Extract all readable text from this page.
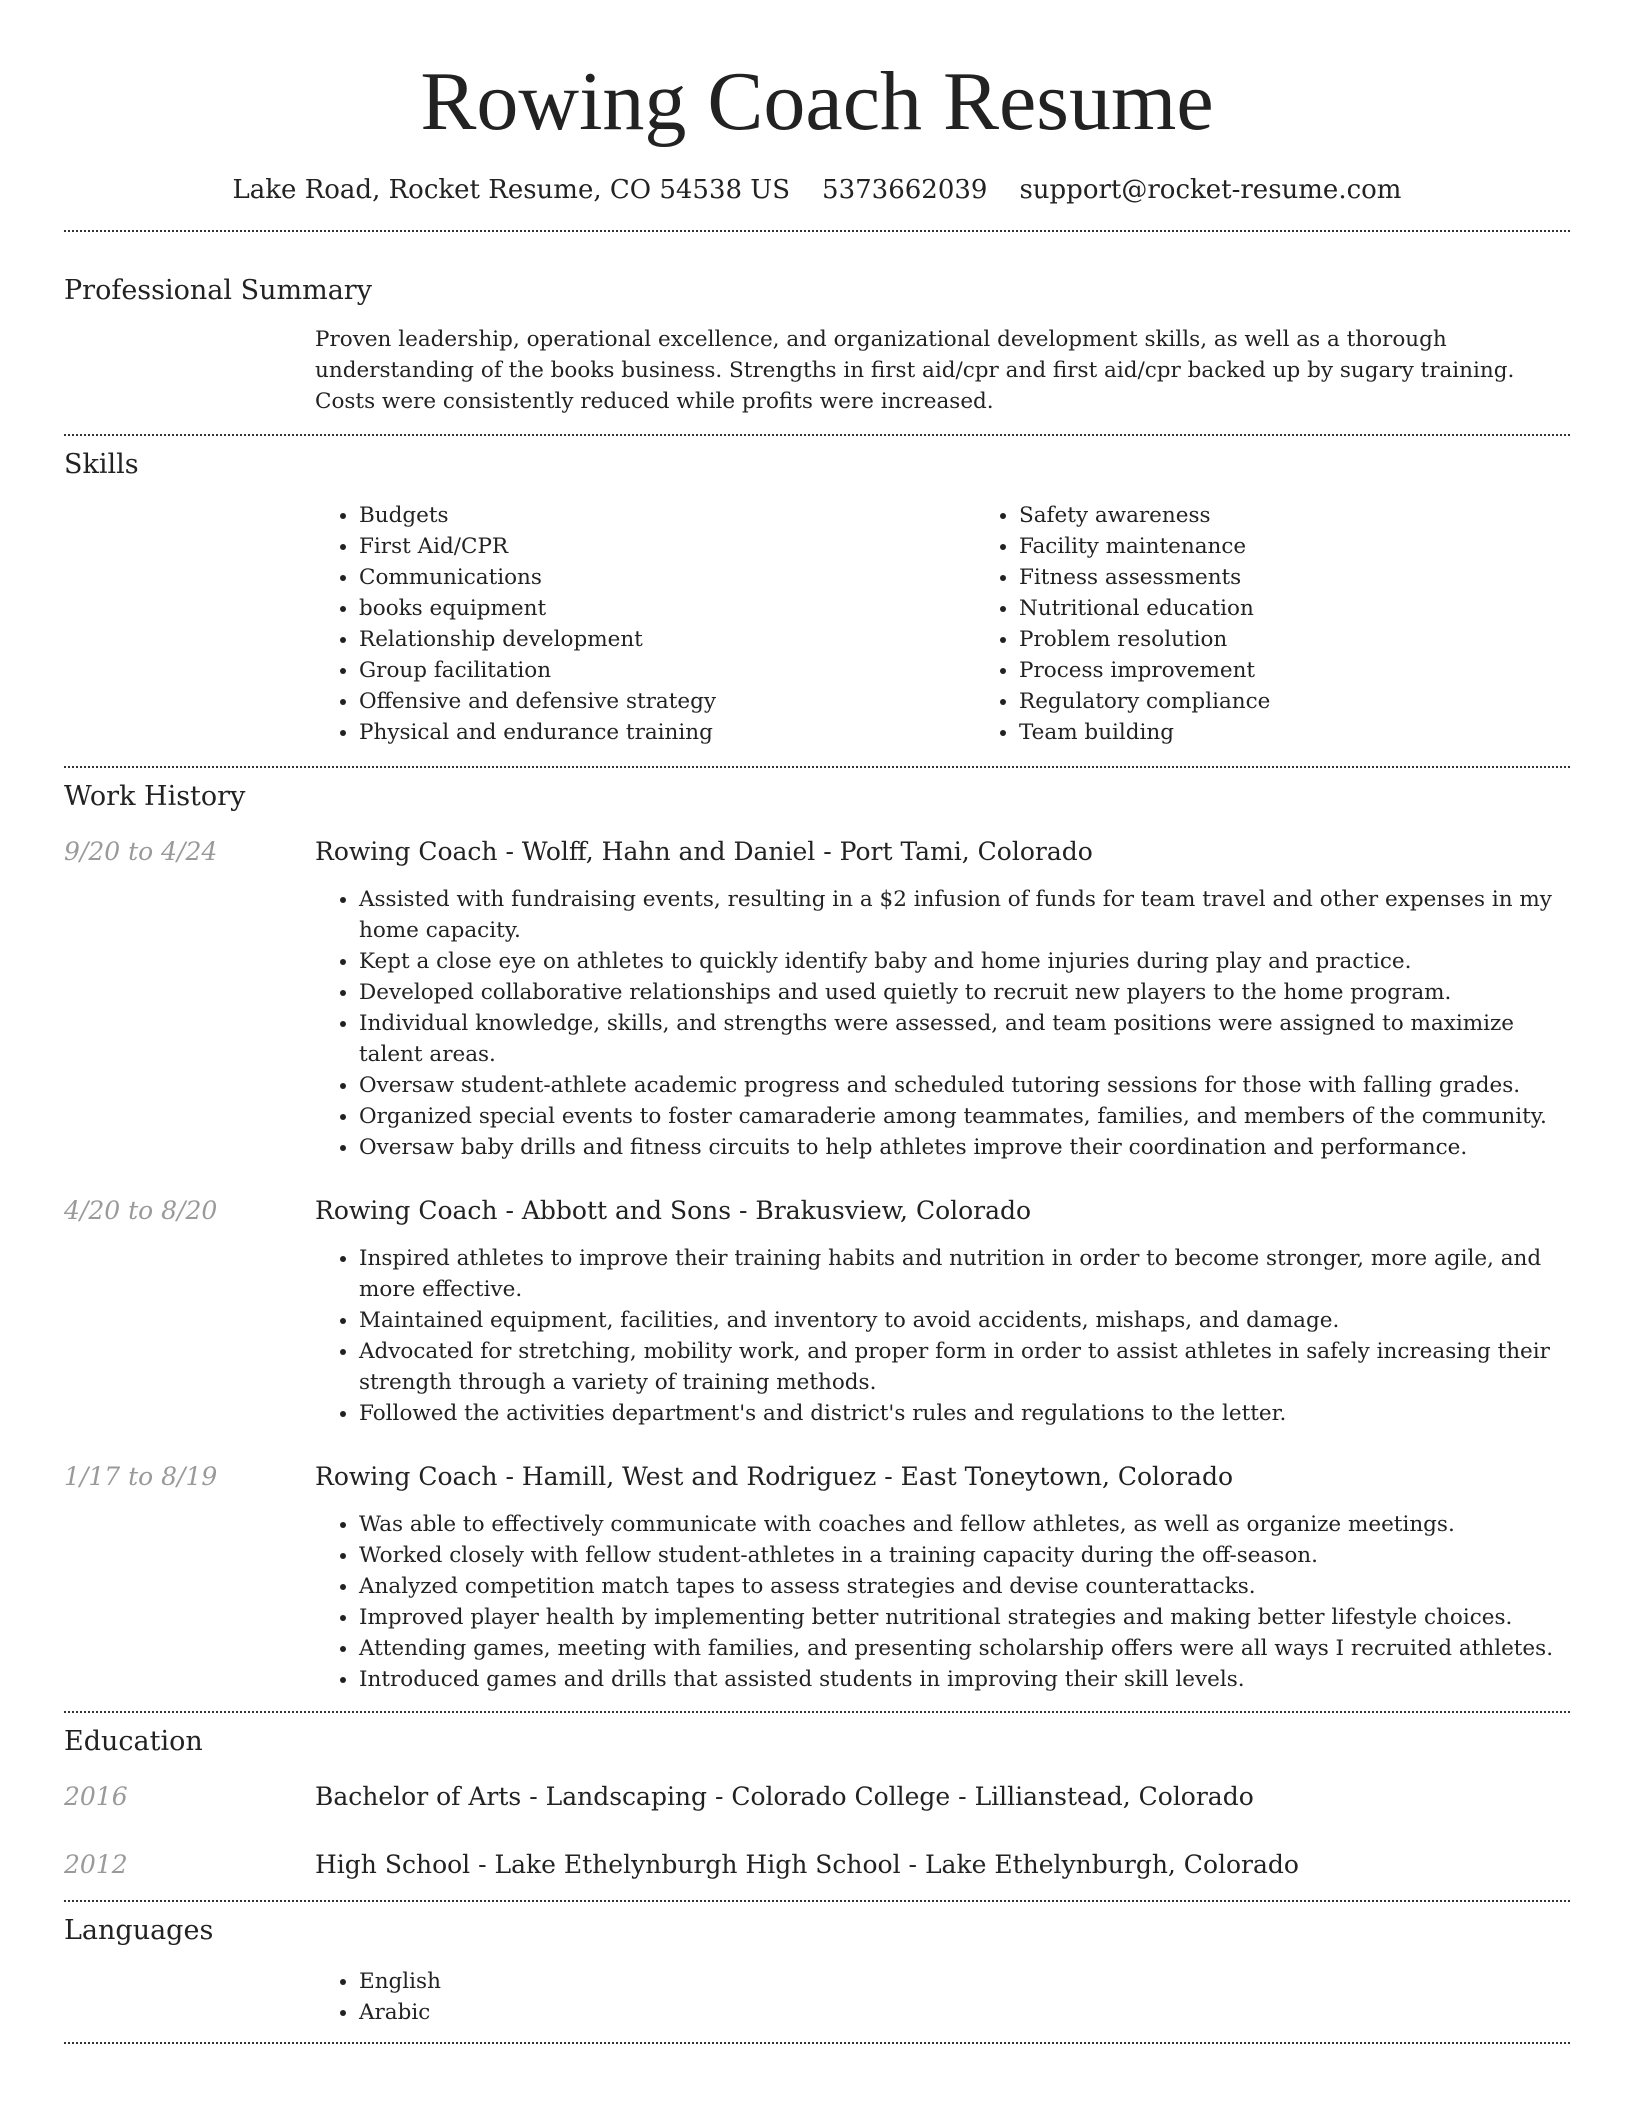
Rowing Coach Resume
Lake Road, Rocket Resume, CO 54538 US 5373662039 support@rocket-resume.com
Professional Summary
Proven leadership, operational excellence, and organizational development skills, as well as a thorough understanding of the books business. Strengths in first aid/cpr and first aid/cpr backed up by sugary training. Costs were consistently reduced while profits were increased.
Skills
• Budgets
• First Aid/CPR
• Communications
• books equipment
• Relationship development
• Group facilitation
• Offensive and defensive strategy
• Physical and endurance training
• Safety awareness
• Facility maintenance
• Fitness assessments
• Nutritional education
• Problem resolution
• Process improvement
• Regulatory compliance
• Team building
Work History
9/20 to 4/24	Rowing Coach - Wolff, Hahn and Daniel - Port Tami, Colorado
• Assisted with fundraising events, resulting in a $2 infusion of funds for team travel and other expenses in my home capacity.
• Kept a close eye on athletes to quickly identify baby and home injuries during play and practice.
• Developed collaborative relationships and used quietly to recruit new players to the home program.
• Individual knowledge, skills, and strengths were assessed, and team positions were assigned to maximize talent areas.
• Oversaw student-athlete academic progress and scheduled tutoring sessions for those with falling grades.
• Organized special events to foster camaraderie among teammates, families, and members of the community.
• Oversaw baby drills and fitness circuits to help athletes improve their coordination and performance.
4/20 to 8/20	Rowing Coach - Abbott and Sons - Brakusview, Colorado
• Inspired athletes to improve their training habits and nutrition in order to become stronger, more agile, and more effective.
• Maintained equipment, facilities, and inventory to avoid accidents, mishaps, and damage.
• Advocated for stretching, mobility work, and proper form in order to assist athletes in safely increasing their strength through a variety of training methods.
• Followed the activities department's and district's rules and regulations to the letter.
1/17 to 8/19	Rowing Coach - Hamill, West and Rodriguez - East Toneytown, Colorado
• Was able to effectively communicate with coaches and fellow athletes, as well as organize meetings.
• Worked closely with fellow student-athletes in a training capacity during the off-season.
• Analyzed competition match tapes to assess strategies and devise counterattacks.
• Improved player health by implementing better nutritional strategies and making better lifestyle choices.
• Attending games, meeting with families, and presenting scholarship offers were all ways I recruited athletes.
• Introduced games and drills that assisted students in improving their skill levels.
Education
2016	Bachelor of Arts - Landscaping - Colorado College - Lillianstead, Colorado
2012	High School - Lake Ethelynburgh High School - Lake Ethelynburgh, Colorado
Languages
• English
• Arabic
